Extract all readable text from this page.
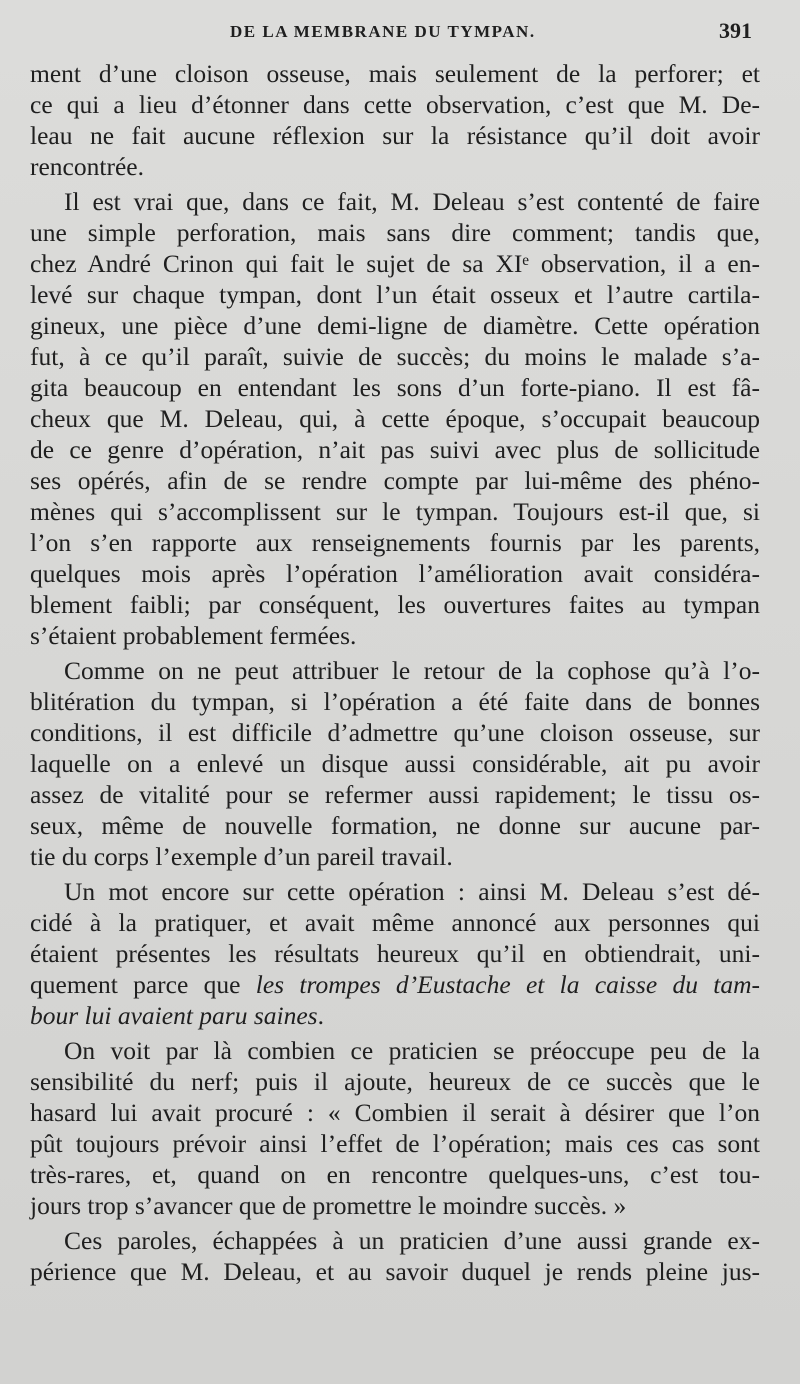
DE LA MEMBRANE DU TYMPAN.	391
ment d’une cloison osseuse, mais seulement de la perforer; et
ce qui a lieu d’étonner dans cette observation, c’est que M. De-
leau ne fait aucune réflexion sur la résistance qu’il doit avoir
rencontrée.
Il est vrai que, dans ce fait, M. Deleau s’est contenté de faire
une simple perforation, mais sans dire comment; tandis que,
chez André Crinon qui fait le sujet de sa XIᵉ observation, il a en-
levé sur chaque tympan, dont l’un était osseux et l’autre cartila-
gineux, une pièce d’une demi-ligne de diamètre. Cette opération
fut, à ce qu’il paraît, suivie de succès; du moins le malade s’a-
gita beaucoup en entendant les sons d’un forte-piano. Il est fâ-
cheux que M. Deleau, qui, à cette époque, s’occupait beaucoup
de ce genre d’opération, n’ait pas suivi avec plus de sollicitude
ses opérés, afin de se rendre compte par lui-même des phéno-
mènes qui s’accomplissent sur le tympan. Toujours est-il que, si
l’on s’en rapporte aux renseignements fournis par les parents,
quelques mois après l’opération l’amélioration avait considéra-
blement faibli; par conséquent, les ouvertures faites au tympan
s’étaient probablement fermées.
Comme on ne peut attribuer le retour de la cophose qu’à l’o-
blitération du tympan, si l’opération a été faite dans de bonnes
conditions, il est difficile d’admettre qu’une cloison osseuse, sur
laquelle on a enlevé un disque aussi considérable, ait pu avoir
assez de vitalité pour se refermer aussi rapidement; le tissu os-
seux, même de nouvelle formation, ne donne sur aucune par-
tie du corps l’exemple d’un pareil travail.
Un mot encore sur cette opération : ainsi M. Deleau s’est dé-
cidé à la pratiquer, et avait même annoncé aux personnes qui
étaient présentes les résultats heureux qu’il en obtiendrait, uni-
quement parce que les trompes d’Eustache et la caisse du tam-
bour lui avaient paru saines.
On voit par là combien ce praticien se préoccupe peu de la
sensibilité du nerf; puis il ajoute, heureux de ce succès que le
hasard lui avait procuré : « Combien il serait à désirer que l’on
pût toujours prévoir ainsi l’effet de l’opération; mais ces cas sont
très-rares, et, quand on en rencontre quelques-uns, c’est tou-
jours trop s’avancer que de promettre le moindre succès. »
Ces paroles, échappées à un praticien d’une aussi grande ex-
périence que M. Deleau, et au savoir duquel je rends pleine jus-
